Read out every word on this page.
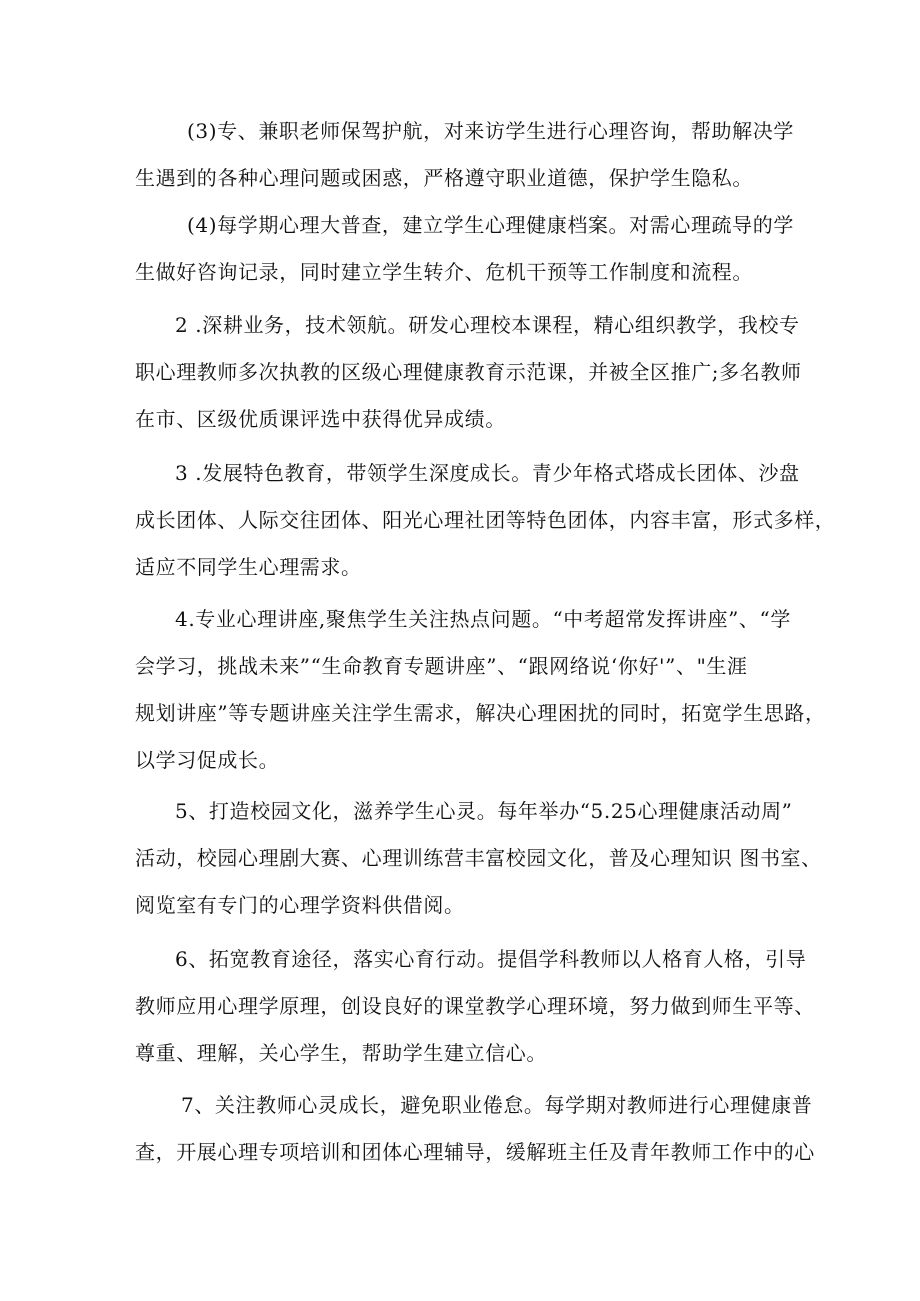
(3)专、兼职老师保驾护航，对来访学生进行心理咨询，帮助解决学
生遇到的各种心理问题或困惑，严格遵守职业道德，保护学生隐私。
(4)每学期心理大普查，建立学生心理健康档案。对需心理疏导的学
生做好咨询记录，同时建立学生转介、危机干预等工作制度和流程。
2 .深耕业务，技术领航。研发心理校本课程，精心组织教学，我校专
职心理教师多次执教的区级心理健康教育示范课，并被全区推广;多名教师
在市、区级优质课评选中获得优异成绩。
3 .发展特色教育，带领学生深度成长。青少年格式塔成长团体、沙盘
成长团体、人际交往团体、阳光心理社团等特色团体，内容丰富，形式多样，
适应不同学生心理需求。
4.专业心理讲座,聚焦学生关注热点问题。“中考超常发挥讲座”、“学
会学习，挑战未来”“生命教育专题讲座”、“跟网络说‘你好'”、"生涯
规划讲座”等专题讲座关注学生需求，解决心理困扰的同时，拓宽学生思路，
以学习促成长。
5、打造校园文化，滋养学生心灵。每年举办“5.25心理健康活动周”
活动，校园心理剧大赛、心理训练营丰富校园文化，普及心理知识 图书室、
阅览室有专门的心理学资料供借阅。
6、拓宽教育途径，落实心育行动。提倡学科教师以人格育人格，引导
教师应用心理学原理，创设良好的课堂教学心理环境，努力做到师生平等、
尊重、理解，关心学生，帮助学生建立信心。
7、关注教师心灵成长，避免职业倦怠。每学期对教师进行心理健康普
查，开展心理专项培训和团体心理辅导，缓解班主任及青年教师工作中的心
